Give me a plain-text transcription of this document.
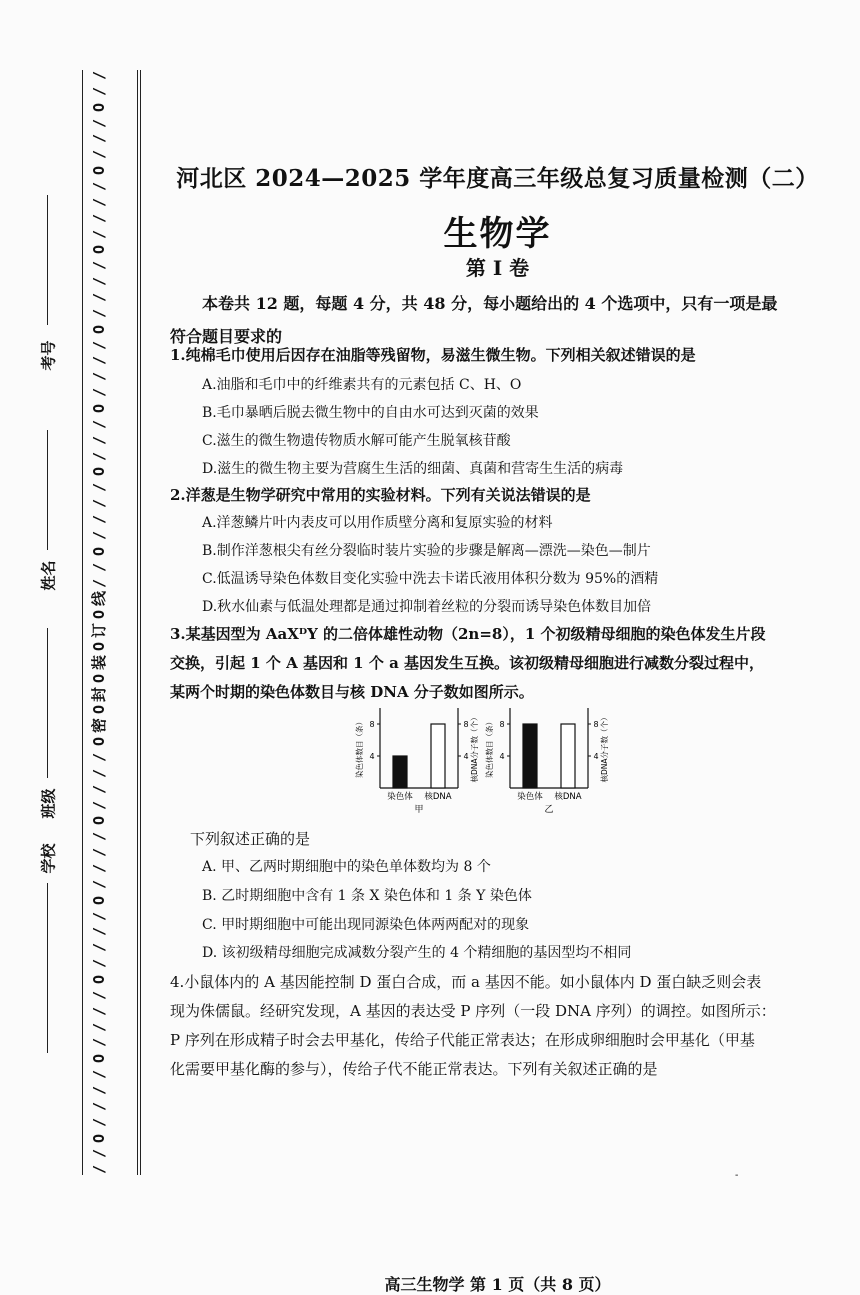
/
/
O
/
/
/
O
/
/
/
/
O
/
/
/
/
O
/
/
/
/
O
/
/
/
O
/
/
/
/
O
/
/
线
O
订
O
装
O
封
O
密
O
/
/
/
/
O
/
/
/
/
O
/
/
/
/
O
/
/
/
/
O
/
/
/
/
O
/
/
考号
姓名
班级
学校
河北区 2024—2025 学年度高三年级总复习质量检测（二）
生物学
第 I 卷
本卷共 12 题，每题 4 分，共 48 分，每小题给出的 4 个选项中，只有一项是最符合题目要求的
1.纯棉毛巾使用后因存在油脂等残留物，易滋生微生物。下列相关叙述错误的是
A.油脂和毛巾中的纤维素共有的元素包括 C、H、O
B.毛巾暴晒后脱去微生物中的自由水可达到灭菌的效果
C.滋生的微生物遗传物质水解可能产生脱氧核苷酸
D.滋生的微生物主要为营腐生生活的细菌、真菌和营寄生生活的病毒
2.洋葱是生物学研究中常用的实验材料。下列有关说法错误的是
A.洋葱鳞片叶内表皮可以用作质壁分离和复原实验的材料
B.制作洋葱根尖有丝分裂临时装片实验的步骤是解离—漂洗—染色—制片
C.低温诱导染色体数目变化实验中洗去卡诺氏液用体积分数为 95%的酒精
D.秋水仙素与低温处理都是通过抑制着丝粒的分裂而诱导染色体数目加倍
3.某基因型为 AaXᴰY 的二倍体雄性动物（2n=8），1 个初级精母细胞的染色体发生片段
交换，引起 1 个 A 基因和 1 个 a 基因发生互换。该初级精母细胞进行减数分裂过程中，
某两个时期的染色体数目与核 DNA 分子数如图所示。
4	4
8	8
染色体数目（条）	核DNA分子数（个）
染色体 核DNA
甲
4	4
8	8
染色体数目（条）	核DNA分子数（个）
染色体 核DNA
乙
下列叙述正确的是
A. 甲、乙两时期细胞中的染色单体数均为 8 个
B. 乙时期细胞中含有 1 条 X 染色体和 1 条 Y 染色体
C. 甲时期细胞中可能出现同源染色体两两配对的现象
D. 该初级精母细胞完成减数分裂产生的 4 个精细胞的基因型均不相同
4.小鼠体内的 A 基因能控制 D 蛋白合成，而 a 基因不能。如小鼠体内 D 蛋白缺乏则会表
现为侏儒鼠。经研究发现，A 基因的表达受 P 序列（一段 DNA 序列）的调控。如图所示：
P 序列在形成精子时会去甲基化，传给子代能正常表达；在形成卵细胞时会甲基化（甲基
化需要甲基化酶的参与），传给子代不能正常表达。下列有关叙述正确的是
高三生物学 第 1 页（共 8 页）
-
